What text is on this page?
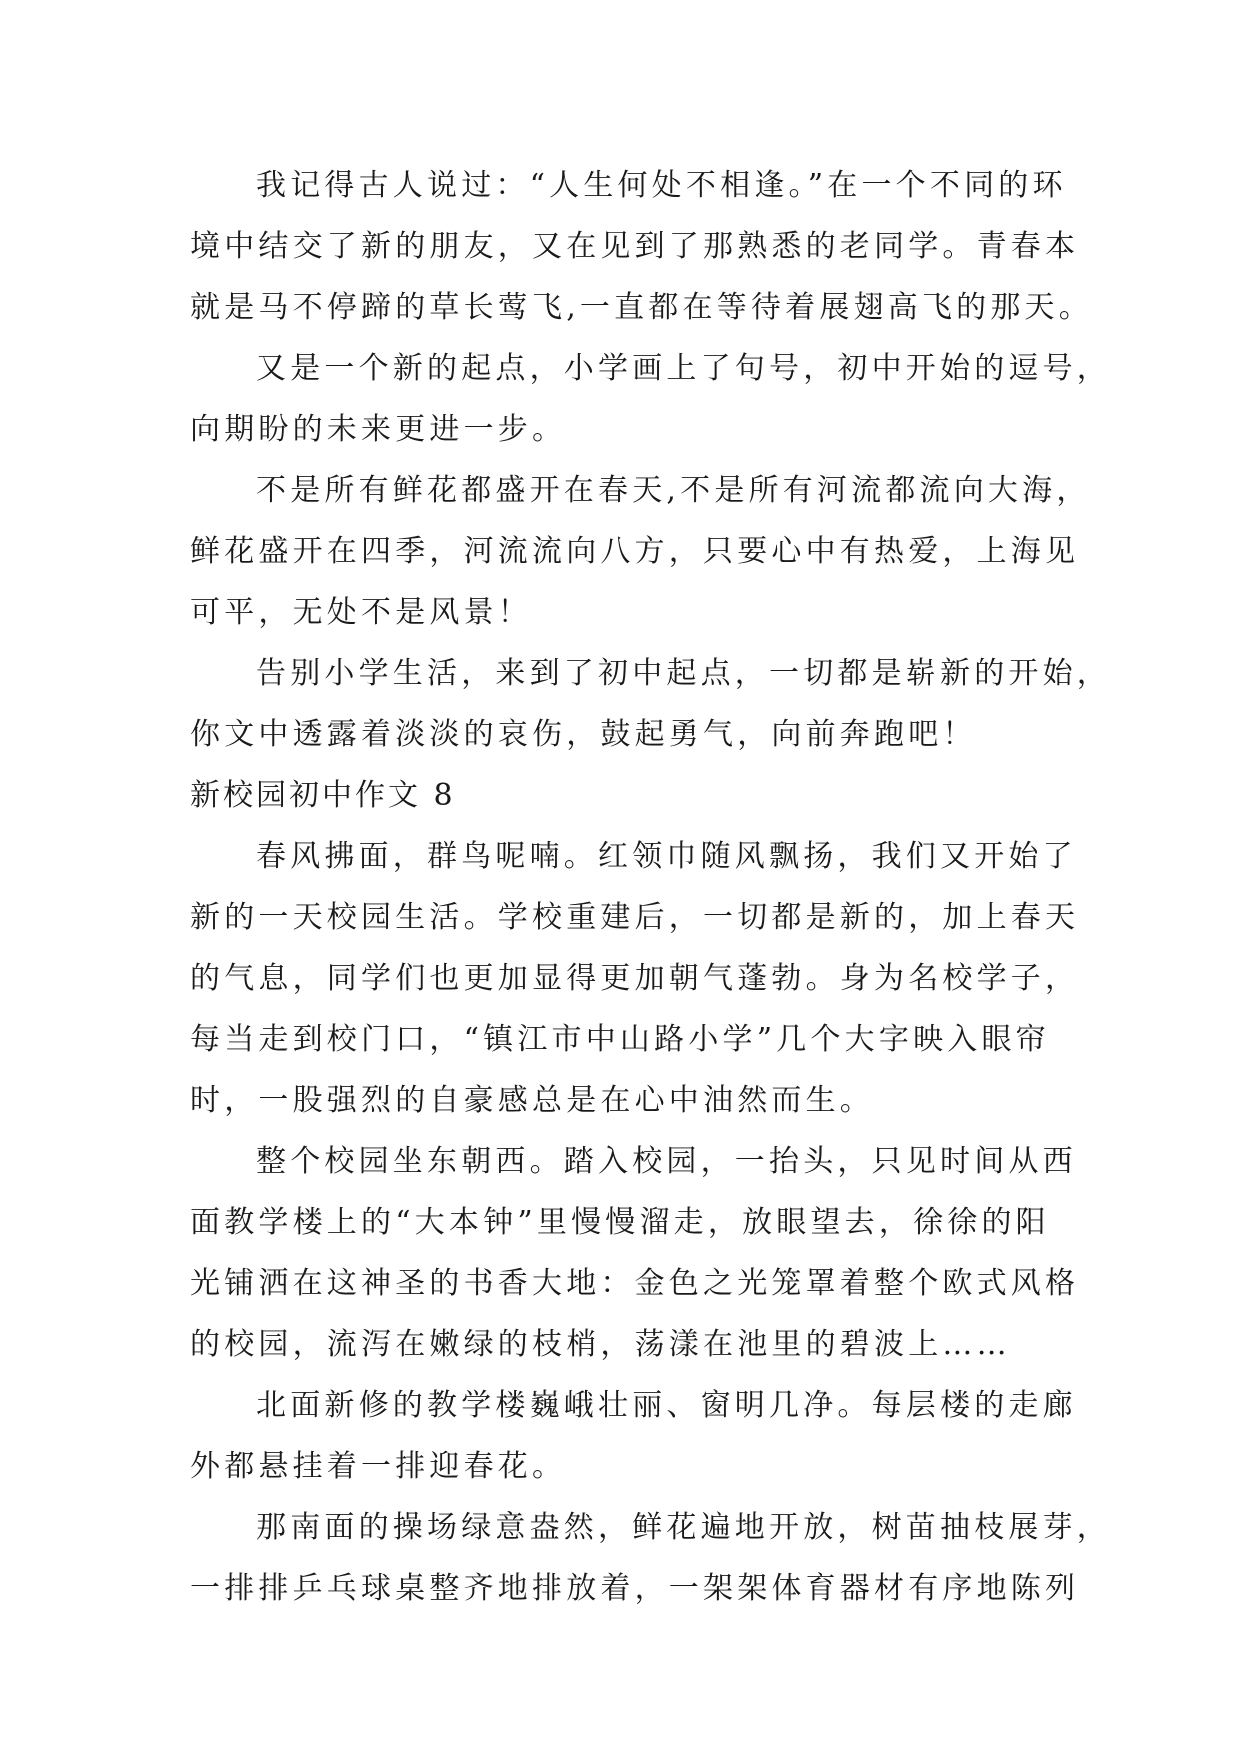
我记得古人说过：“人生何处不相逢。”在一个不同的环
境中结交了新的朋友，又在见到了那熟悉的老同学。青春本
就是马不停蹄的草长莺飞,一直都在等待着展翅高飞的那天。
又是一个新的起点，小学画上了句号，初中开始的逗号，
向期盼的未来更进一步。
不是所有鲜花都盛开在春天,不是所有河流都流向大海，
鲜花盛开在四季，河流流向八方，只要心中有热爱，上海见
可平，无处不是风景！
告别小学生活，来到了初中起点，一切都是崭新的开始，
你文中透露着淡淡的哀伤，鼓起勇气，向前奔跑吧！
新校园初中作文 8
春风拂面，群鸟呢喃。红领巾随风飘扬，我们又开始了
新的一天校园生活。学校重建后，一切都是新的，加上春天
的气息，同学们也更加显得更加朝气蓬勃。身为名校学子，
每当走到校门口，“镇江市中山路小学”几个大字映入眼帘
时，一股强烈的自豪感总是在心中油然而生。
整个校园坐东朝西。踏入校园，一抬头，只见时间从西
面教学楼上的“大本钟”里慢慢溜走，放眼望去，徐徐的阳
光铺洒在这神圣的书香大地：金色之光笼罩着整个欧式风格
的校园，流泻在嫩绿的枝梢，荡漾在池里的碧波上……
北面新修的教学楼巍峨壮丽、窗明几净。每层楼的走廊
外都悬挂着一排迎春花。
那南面的操场绿意盎然，鲜花遍地开放，树苗抽枝展芽，
一排排乒乓球桌整齐地排放着，一架架体育器材有序地陈列
